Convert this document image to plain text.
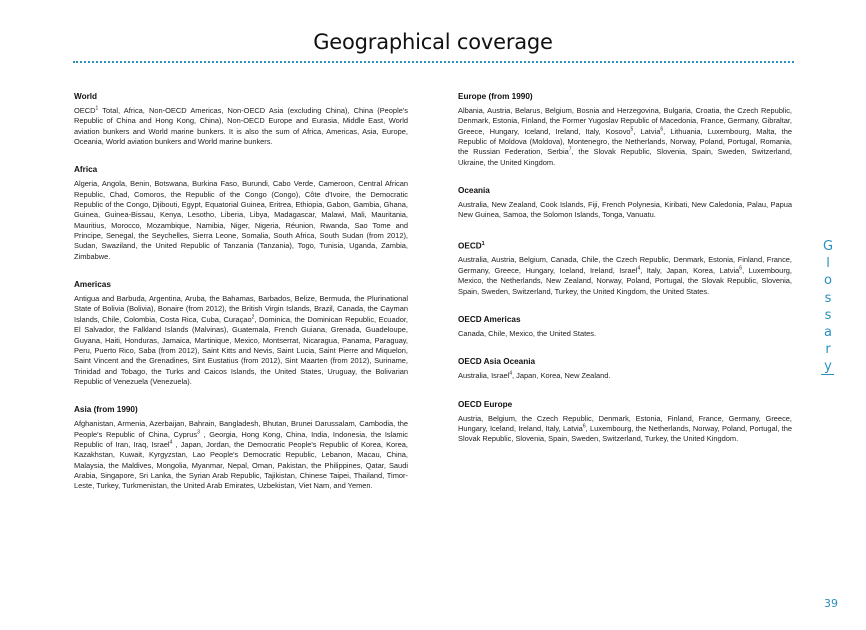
Geographical coverage
World

OECD$^1$ Total, Africa, Non-OECD Americas, Non-OECD Asia (excluding China), China (People's Republic of China and Hong Kong, China), Non-OECD Europe and Eurasia, Middle East, World aviation bunkers and World marine bunkers. It is also the sum of Africa, Americas, Asia, Europe, Oceania, World aviation bunkers and World marine bunkers.

Africa

Algeria, Angola, Benin, Botswana, Burkina Faso, Burundi, Cabo Verde, Cameroon, Central African Republic, Chad, Comoros, the Republic of the Congo (Congo), Côte d'Ivoire, the Democratic Republic of the Congo, Djibouti, Egypt, Equatorial Guinea, Eritrea, Ethiopia, Gabon, Gambia, Ghana, Guinea, Guinea-Bissau, Kenya, Lesotho, Liberia, Libya, Madagascar, Malawi, Mali, Mauritania, Mauritius, Morocco, Mozambique, Namibia, Niger, Nigeria, Réunion, Rwanda, Sao Tome and Principe, Senegal, the Seychelles, Sierra Leone, Somalia, South Africa, South Sudan (from 2012), Sudan, Swaziland, the United Republic of Tanzania (Tanzania), Togo, Tunisia, Uganda, Zambia, Zimbabwe.

Americas

Antigua and Barbuda, Argentina, Aruba, the Bahamas, Barbados, Belize, Bermuda, the Plurinational State of Bolivia (Bolivia), Bonaire (from 2012), the British Virgin Islands, Brazil, Canada, the Cayman Islands, Chile, Colombia, Costa Rica, Cuba, Curaçao$^2$, Dominica, the Dominican Republic, Ecuador, El Salvador, the Falkland Islands (Malvinas), Guatemala, French Guiana, Grenada, Guadeloupe, Guyana, Haiti, Honduras, Jamaica, Martinique, Mexico, Montserrat, Nicaragua, Panama, Paraguay, Peru, Puerto Rico, Saba (from 2012), Saint Kitts and Nevis, Saint Lucia, Saint Pierre and Miquelon, Saint Vincent and the Grenadines, Sint Eustatius (from 2012), Sint Maarten (from 2012), Suriname, Trinidad and Tobago, the Turks and Caicos Islands, the United States, Uruguay, the Bolivarian Republic of Venezuela (Venezuela).

Asia (from 1990)

Afghanistan, Armenia, Azerbaijan, Bahrain, Bangladesh, Bhutan, Brunei Darussalam, Cambodia, the People's Republic of China, Cyprus$^3$ , Georgia, Hong Kong, China, India, Indonesia, the Islamic Republic of Iran, Iraq, Israel$^4$ , Japan, Jordan, the Democratic People's Republic of Korea, Korea, Kazakhstan, Kuwait, Kyrgyzstan, Lao People's Democratic Republic, Lebanon, Macau, China, Malaysia, the Maldives, Mongolia, Myanmar, Nepal, Oman, Pakistan, the Philippines, Qatar, Saudi Arabia, Singapore, Sri Lanka, the Syrian Arab Republic, Tajikistan, Chinese Taipei, Thailand, Timor-Leste, Turkey, Turkmenistan, the United Arab Emirates, Uzbekistan, Viet Nam, and Yemen.

Europe (from 1990)

Albania, Austria, Belarus, Belgium, Bosnia and Herzegovina, Bulgaria, Croatia, the Czech Republic, Denmark, Estonia, Finland, the Former Yugoslav Republic of Macedonia, France, Germany, Gibraltar, Greece, Hungary, Iceland, Ireland, Italy, Kosovo$^5$, Latvia$^6$, Lithuania, Luxembourg, Malta, the Republic of Moldova (Moldova), Montenegro, the Netherlands, Norway, Poland, Portugal, Romania, the Russian Federation, Serbia$^7$, the Slovak Republic, Slovenia, Spain, Sweden, Switzerland, Ukraine, the United Kingdom.

Oceania

Australia, New Zealand, Cook Islands, Fiji, French Polynesia, Kiribati, New Caledonia, Palau, Papua New Guinea, Samoa, the Solomon Islands, Tonga, Vanuatu.

OECD$^1$

Australia, Austria, Belgium, Canada, Chile, the Czech Republic, Denmark, Estonia, Finland, France, Germany, Greece, Hungary, Iceland, Ireland, Israel$^4$, Italy, Japan, Korea, Latvia$^6$, Luxembourg, Mexico, the Netherlands, New Zealand, Norway, Poland, Portugal, the Slovak Republic, Slovenia, Spain, Sweden, Switzerland, Turkey, the United Kingdom, the United States.

OECD Americas

Canada, Chile, Mexico, the United States.

OECD Asia Oceania

Australia, Israel$^4$, Japan, Korea, New Zealand.

OECD Europe

Austria, Belgium, the Czech Republic, Denmark, Estonia, Finland, France, Germany, Greece, Hungary, Iceland, Ireland, Italy, Latvia$^6$, Luxembourg, the Netherlands, Norway, Poland, Portugal, the Slovak Republic, Slovenia, Spain, Sweden, Switzerland, Turkey, the United Kingdom.

G
l
o
s
s
a
r
y
39
